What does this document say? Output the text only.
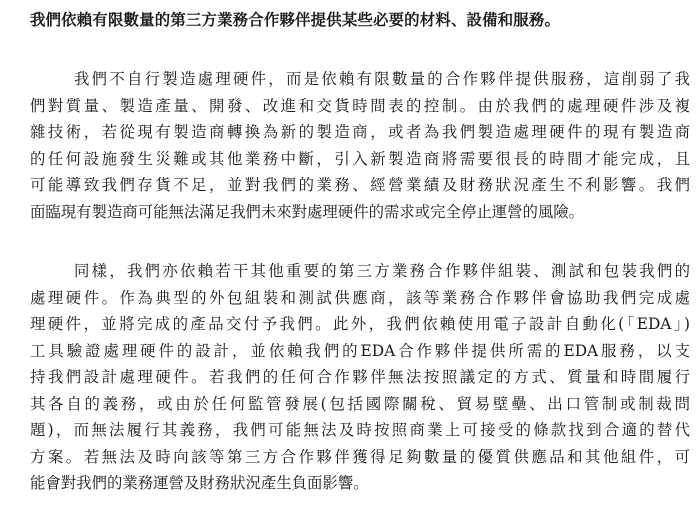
我們依賴有限數量的第三方業務合作夥伴提供某些必要的材料、設備和服務。
我們不自行製造處理硬件，而是依賴有限數量的合作夥伴提供服務，這削弱了我
們對質量、製造產量、開發、改進和交貨時間表的控制。由於我們的處理硬件涉及複
雜技術，若從現有製造商轉換為新的製造商，或者為我們製造處理硬件的現有製造商
的任何設施發生災難或其他業務中斷，引入新製造商將需要很長的時間才能完成，且
可能導致我們存貨不足，並對我們的業務、經營業績及財務狀況產生不利影響。我們
面臨現有製造商可能無法滿足我們未來對處理硬件的需求或完全停止運營的風險。
同樣，我們亦依賴若干其他重要的第三方業務合作夥伴組裝、測試和包裝我們的
處理硬件。作為典型的外包組裝和測試供應商，該等業務合作夥伴會協助我們完成處
理硬件，並將完成的產品交付予我們。此外，我們依賴使用電子設計自動化(「EDA」)
工具驗證處理硬件的設計，並依賴我們的EDA合作夥伴提供所需的EDA服務，以支
持我們設計處理硬件。若我們的任何合作夥伴無法按照議定的方式、質量和時間履行
其各自的義務，或由於任何監管發展(包括國際關稅、貿易壁壘、出口管制或制裁問
題)，而無法履行其義務，我們可能無法及時按照商業上可接受的條款找到合適的替代
方案。若無法及時向該等第三方合作夥伴獲得足夠數量的優質供應品和其他組件，可
能會對我們的業務運營及財務狀況產生負面影響。
